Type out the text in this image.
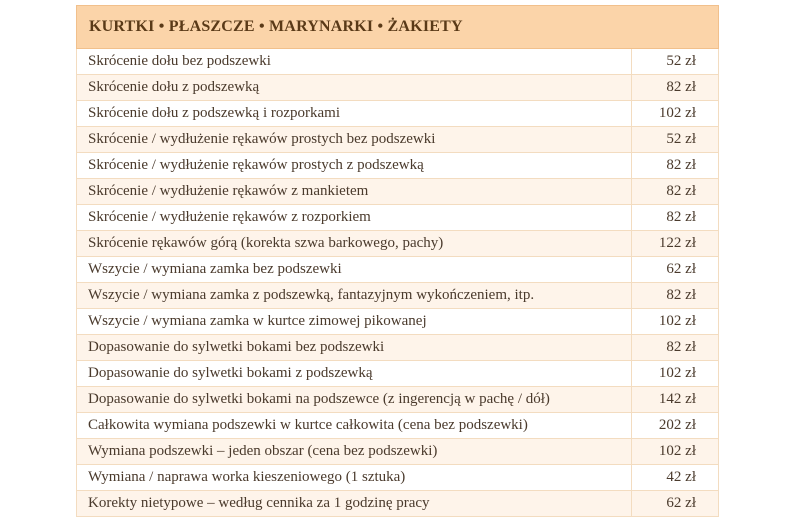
KURTKI • PŁASZCZE • MARYNARKI • ŻAKIETY	
Skrócenie dołu bez podszewki	52 zł
Skrócenie dołu z podszewką	82 zł
Skrócenie dołu z podszewką i rozporkami	102 zł
Skrócenie / wydłużenie rękawów prostych bez podszewki	52 zł
Skrócenie / wydłużenie rękawów prostych z podszewką	82 zł
Skrócenie / wydłużenie rękawów z mankietem	82 zł
Skrócenie / wydłużenie rękawów z rozporkiem	82 zł
Skrócenie rękawów górą (korekta szwa barkowego, pachy)	122 zł
Wszycie / wymiana zamka bez podszewki	62 zł
Wszycie / wymiana zamka z podszewką, fantazyjnym wykończeniem, itp.	82 zł
Wszycie / wymiana zamka w kurtce zimowej pikowanej	102 zł
Dopasowanie do sylwetki bokami bez podszewki	82 zł
Dopasowanie do sylwetki bokami z podszewką	102 zł
Dopasowanie do sylwetki bokami na podszewce (z ingerencją w pachę / dół)	142 zł
Całkowita wymiana podszewki w kurtce całkowita (cena bez podszewki)	202 zł
Wymiana podszewki – jeden obszar (cena bez podszewki)	102 zł
Wymiana / naprawa worka kieszeniowego (1 sztuka)	42 zł
Korekty nietypowe – według cennika za 1 godzinę pracy	62 zł
